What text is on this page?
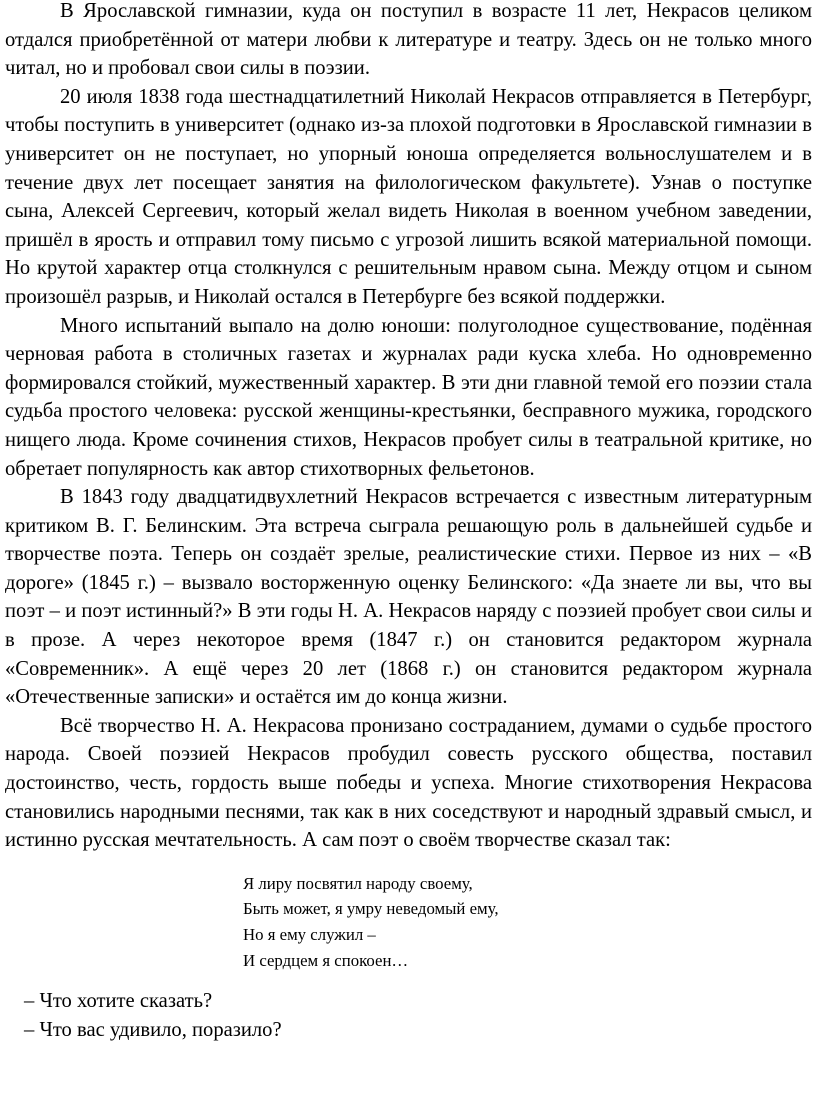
В Ярославской гимназии, куда он поступил в возрасте 11 лет, Некрасов целиком отдался приобретённой от матери любви к литературе и театру. Здесь он не только много читал, но и пробовал свои силы в поэзии.

20 июля 1838 года шестнадцатилетний Николай Некрасов отправляется в Петербург, чтобы поступить в университет (однако из-за плохой подготовки в Ярославской гимназии в университет он не поступает, но упорный юноша определяется вольнослушателем и в течение двух лет посещает занятия на филологическом факультете). Узнав о поступке сына, Алексей Сергеевич, который желал видеть Николая в военном учебном заведении, пришёл в ярость и отправил тому письмо с угрозой лишить всякой материальной помощи. Но крутой характер отца столкнулся с решительным нравом сына. Между отцом и сыном произошёл разрыв, и Николай остался в Петербурге без всякой поддержки.

Много испытаний выпало на долю юноши: полуголодное существование, подённая черновая работа в столичных газетах и журналах ради куска хлеба. Но одновременно формировался стойкий, мужественный характер. В эти дни главной темой его поэзии стала судьба простого человека: русской женщины-крестьянки, бесправного мужика, городского нищего люда. Кроме сочинения стихов, Некрасов пробует силы в театральной критике, но обретает популярность как автор стихотворных фельетонов.

В 1843 году двадцатидвухлетний Некрасов встречается с известным литературным критиком В. Г. Белинским. Эта встреча сыграла решающую роль в дальнейшей судьбе и творчестве поэта. Теперь он создаёт зрелые, реалистические стихи. Первое из них – «В дороге» (1845 г.) – вызвало восторженную оценку Белинского: «Да знаете ли вы, что вы поэт – и поэт истинный?» В эти годы Н. А. Некрасов наряду с поэзией пробует свои силы и в прозе. А через некоторое время (1847 г.) он становится редактором журнала «Современник». А ещё через 20 лет (1868 г.) он становится редактором журнала «Отечественные записки» и остаётся им до конца жизни.

Всё творчество Н. А. Некрасова пронизано состраданием, думами о судьбе простого народа. Своей поэзией Некрасов пробудил совесть русского общества, поставил достоинство, честь, гордость выше победы и успеха. Многие стихотворения Некрасова становились народными песнями, так как в них соседствуют и народный здравый смысл, и истинно русская мечтательность. А сам поэт о своём творчестве сказал так:

Я лиру посвятил народу своему,
Быть может, я умру неведомый ему,
Но я ему служил –
И сердцем я спокоен…
– Что хотите сказать?
– Что вас удивило, поразило?
